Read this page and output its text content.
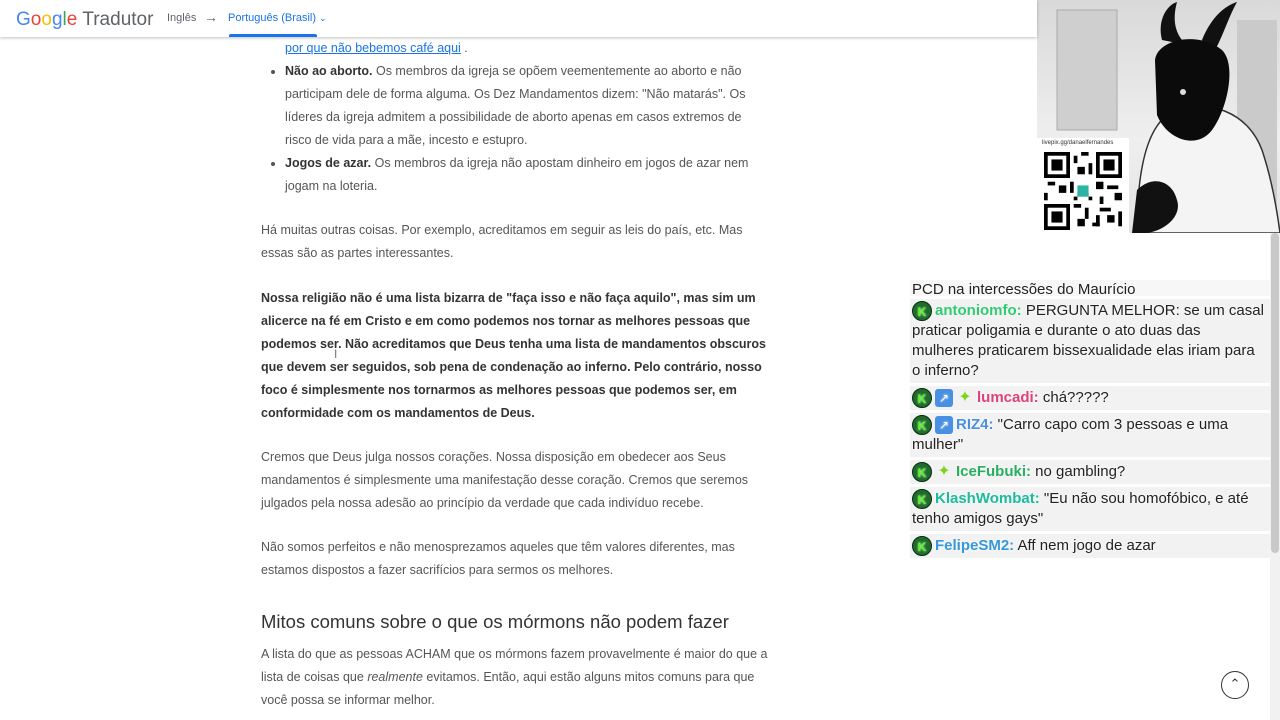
Google Tradutor Inglês → Português (Brasil) ⌄
por que não bebemos café aqui .
• Não ao aborto. Os membros da igreja se opõem veementemente ao aborto e não participam dele de forma alguma. Os Dez Mandamentos dizem: "Não matarás". Os líderes da igreja admitem a possibilidade de aborto apenas em casos extremos de risco de vida para a mãe, incesto e estupro.
• Jogos de azar. Os membros da igreja não apostam dinheiro em jogos de azar nem jogam na loteria.

Há muitas outras coisas. Por exemplo, acreditamos em seguir as leis do país, etc. Mas essas são as partes interessantes.

Nossa religião não é uma lista bizarra de "faça isso e não faça aquilo", mas sim um alicerce na fé em Cristo e em como podemos nos tornar as melhores pessoas que podemos ser. Não acreditamos que Deus tenha uma lista de mandamentos obscuros que devem ser seguidos, sob pena de condenação ao inferno. Pelo contrário, nosso foco é simplesmente nos tornarmos as melhores pessoas que podemos ser, em conformidade com os mandamentos de Deus.

Cremos que Deus julga nossos corações. Nossa disposição em obedecer aos Seus mandamentos é simplesmente uma manifestação desse coração. Cremos que seremos julgados pela nossa adesão ao princípio da verdade que cada indivíduo recebe.

Não somos perfeitos e não menosprezamos aqueles que têm valores diferentes, mas estamos dispostos a fazer sacrifícios para sermos os melhores.

Mitos comuns sobre o que os mórmons não podem fazer

A lista do que as pessoas ACHAM que os mórmons fazem provavelmente é maior do que a lista de coisas que realmente evitamos. Então, aqui estão alguns mitos comuns para que você possa se informar melhor.

I
livepix.gg/danaelfernandes
PCD na intercessões do Maurício
K antoniomfo: PERGUNTA MELHOR: se um casal praticar poligamia e durante o ato duas das mulheres praticarem bissexualidade elas iriam para o inferno?
K ↗ ✦ lumcadi: chá?????
K ↗ RIZ4: "Carro capo com 3 pessoas e uma mulher"
K ✦ IceFubuki: no gambling?
K KlashWombat: "Eu não sou homofóbico, e até tenho amigos gays"
K FelipeSM2: Aff nem jogo de azar
⌃
